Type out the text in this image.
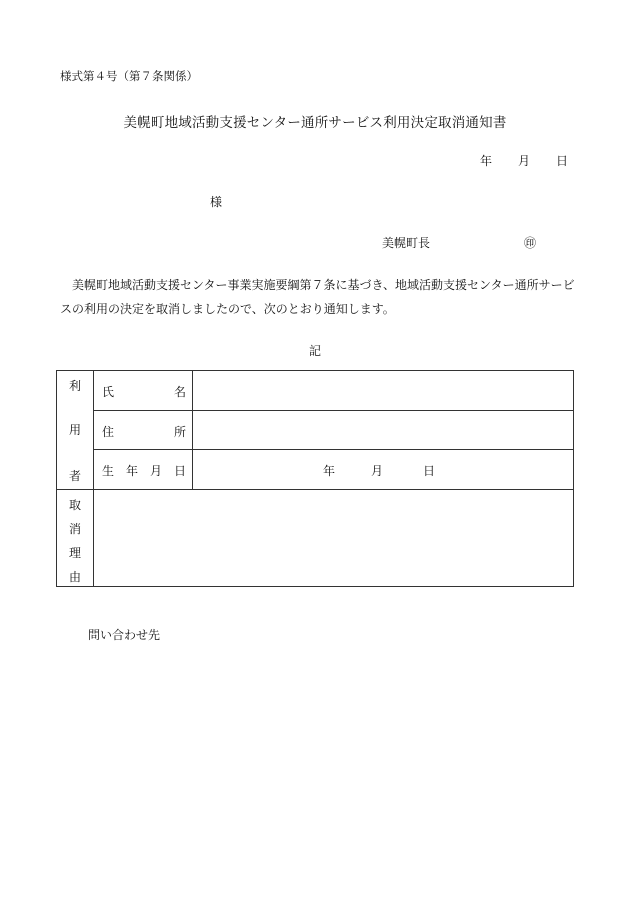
様式第４号（第７条関係）
美幌町地域活動支援センター通所サービス利用決定取消通知書
年 月 日
様
美幌町長	㊞
美幌町地域活動支援センター事業実施要綱第７条に基づき、地域活動支援センター通所サービスの利用の決定を取消しましたので、次のとおり通知します。
記
利
用
者	氏 名	

	住 所	

	生 年 月 日	年 月 日

取
消
理
由		

問い合わせ先
